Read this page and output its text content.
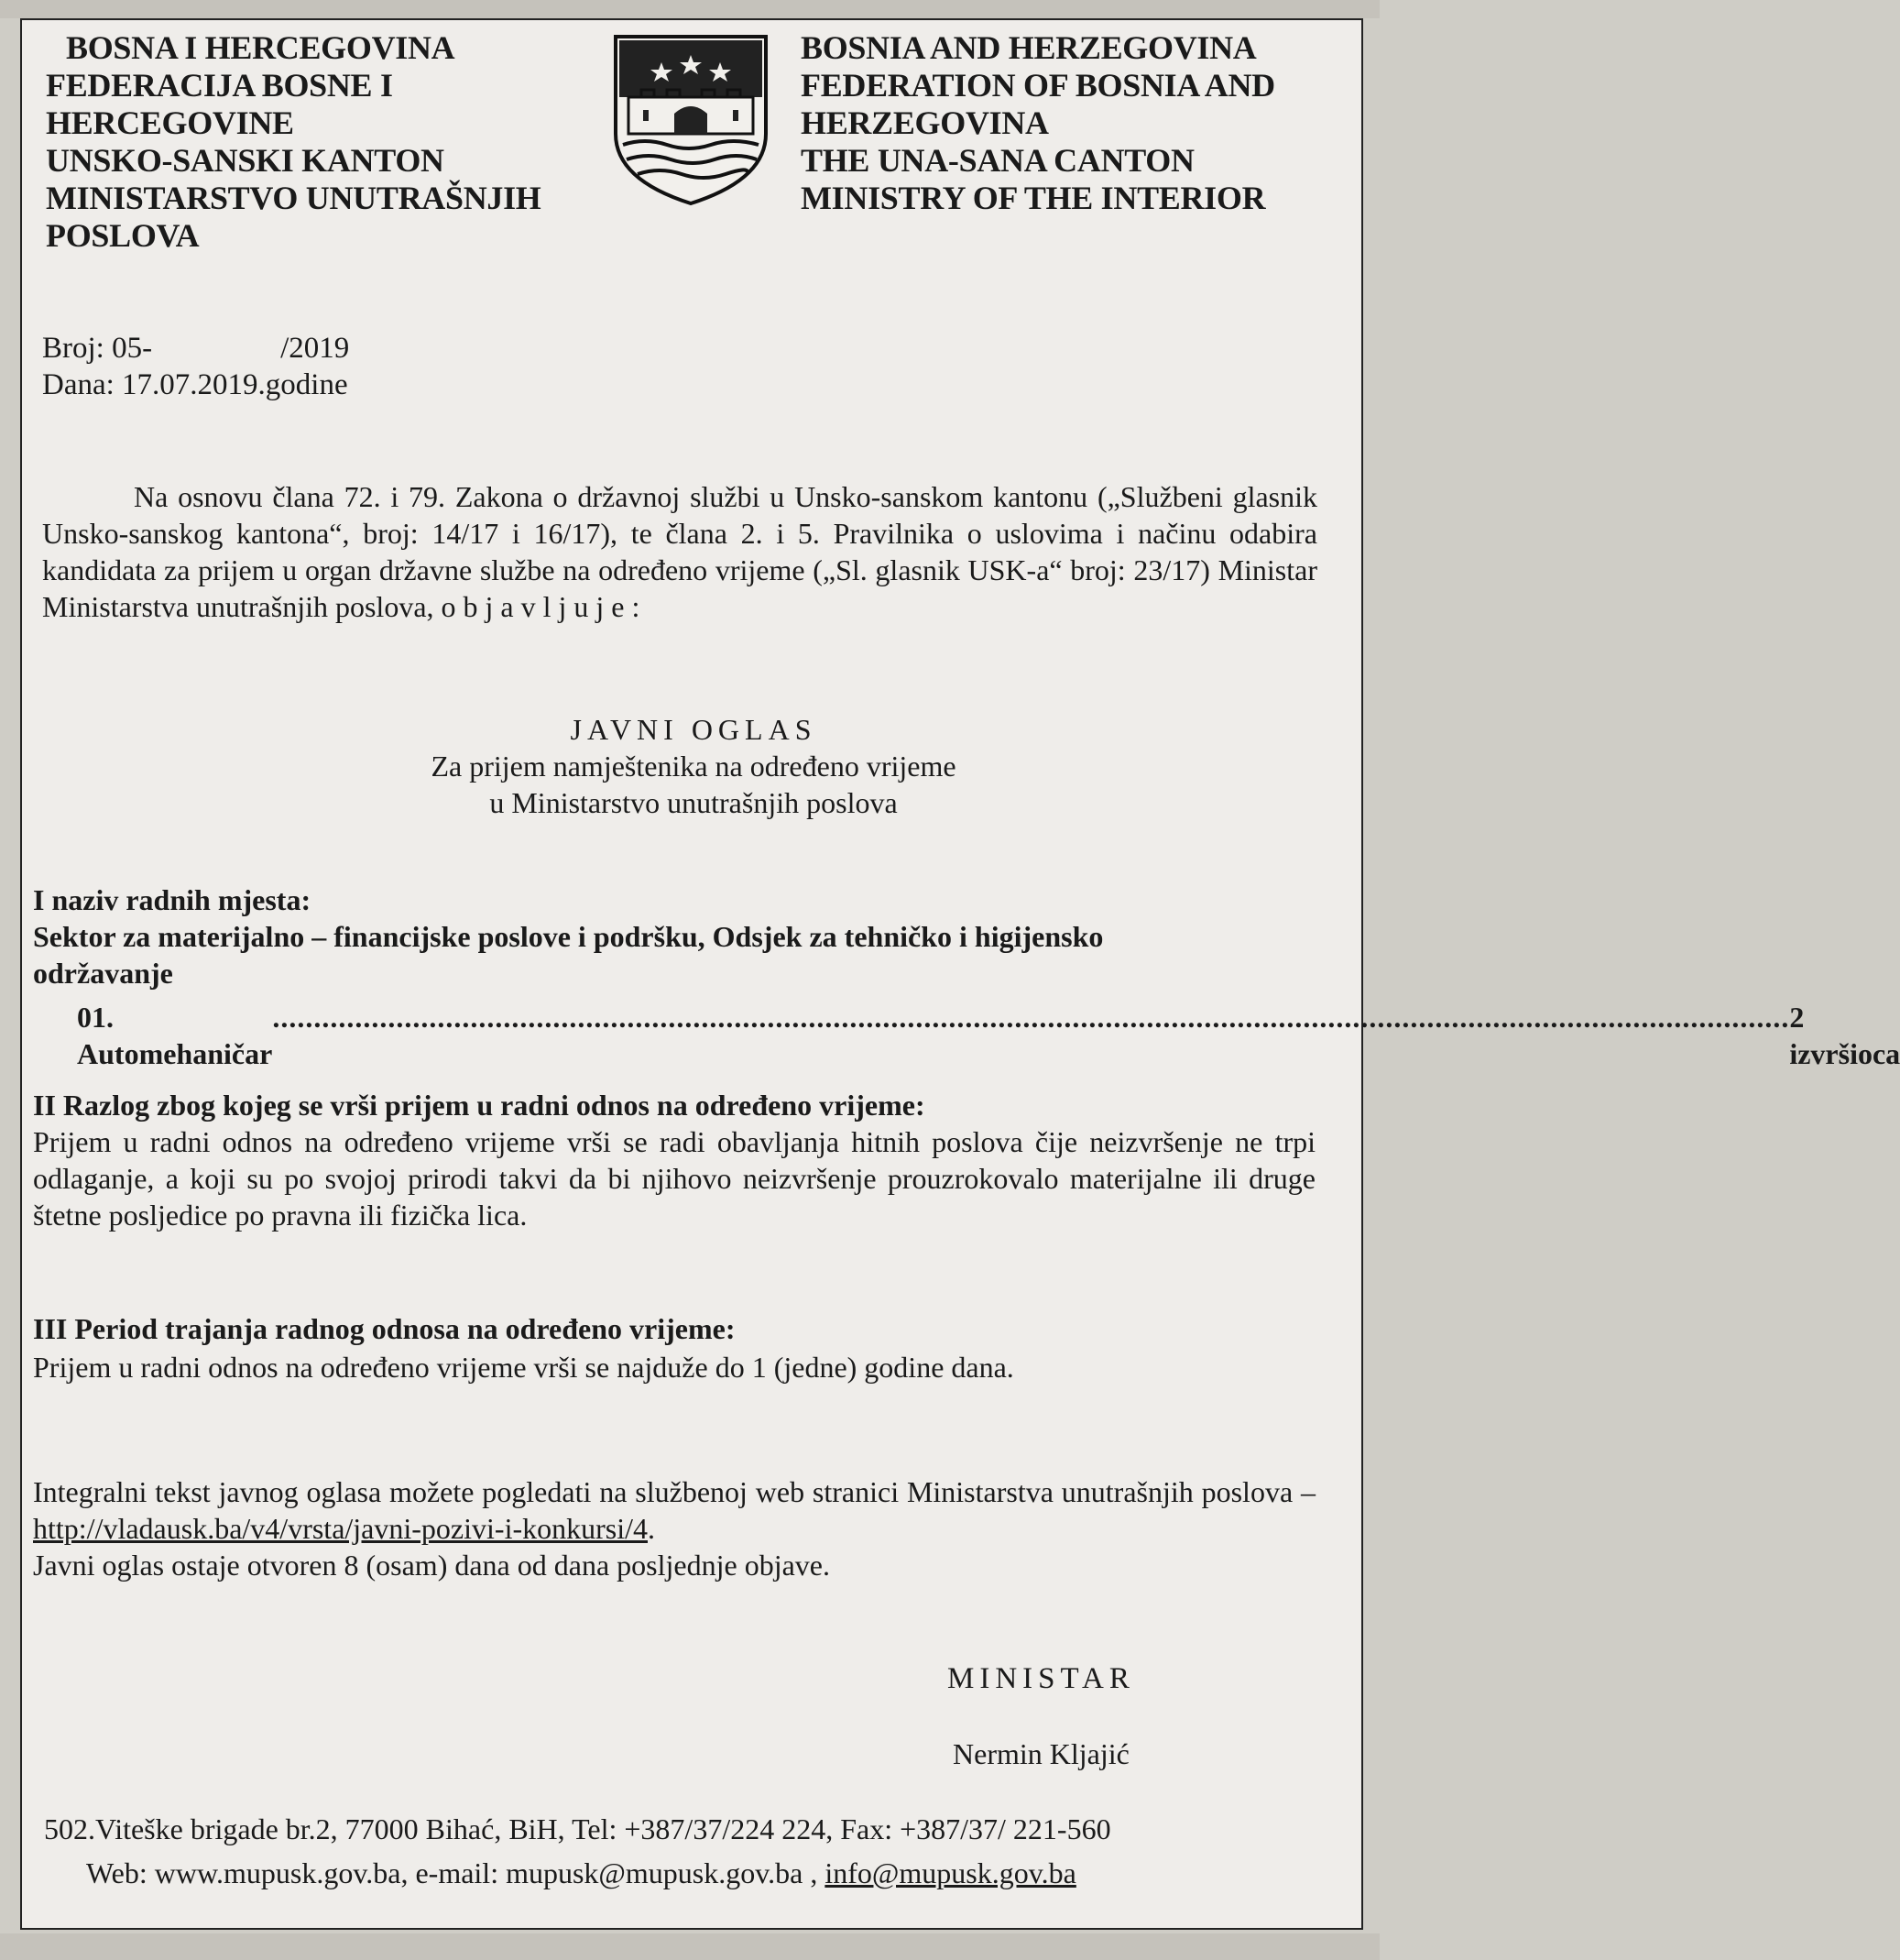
BOSNA I HERCEGOVINA
FEDERACIJA BOSNE I
HERCEGOVINE
UNSKO-SANSKI KANTON
MINISTARSTVO UNUTRAŠNJIH
POSLOVA
BOSNIA AND HERZEGOVINA
FEDERATION OF BOSNIA AND
HERZEGOVINA
THE UNA-SANA CANTON
MINISTRY OF THE INTERIOR
Broj: 05-	/2019
Dana: 17.07.2019.godine
Na osnovu člana 72. i 79. Zakona o državnoj službi u Unsko-sanskom kantonu („Službeni glasnik Unsko-sanskog kantona“, broj: 14/17 i 16/17), te člana 2. i 5. Pravilnika o uslovima i načinu odabira kandidata za prijem u organ državne službe na određeno vrijeme („Sl. glasnik USK-a“ broj: 23/17) Ministar Ministarstva unutrašnjih poslova, o b j a v l j u j e :
JAVNI OGLAS
Za prijem namještenika na određeno vrijeme
u Ministarstvo unutrašnjih poslova
I naziv radnih mjesta:
Sektor za materijalno – financijske poslove i podršku, Odsjek za tehničko i higijensko
održavanje
01. Automehaničar
........................................................................................................................................................................................ 2 izvršioca
II Razlog zbog kojeg se vrši prijem u radni odnos na određeno vrijeme:
Prijem u radni odnos na određeno vrijeme vrši se radi obavljanja hitnih poslova čije neizvršenje ne trpi odlaganje, a koji su po svojoj prirodi takvi da bi njihovo neizvršenje prouzrokovalo materijalne ili druge štetne posljedice po pravna ili fizička lica.
III Period trajanja radnog odnosa na određeno vrijeme:
Prijem u radni odnos na određeno vrijeme vrši se najduže do 1 (jedne) godine dana.
Integralni tekst javnog oglasa možete pogledati na službenoj web stranici Ministarstva unutrašnjih poslova – http://vladausk.ba/v4/vrsta/javni-pozivi-i-konkursi/4.
Javni oglas ostaje otvoren 8 (osam) dana od dana posljednje objave.
MINISTAR
Nermin Kljajić
502.Viteške brigade br.2, 77000 Bihać, BiH, Tel: +387/37/224 224, Fax: +387/37/ 221-560
Web: www.mupusk.gov.ba, e-mail: mupusk@mupusk.gov.ba , info@mupusk.gov.ba
